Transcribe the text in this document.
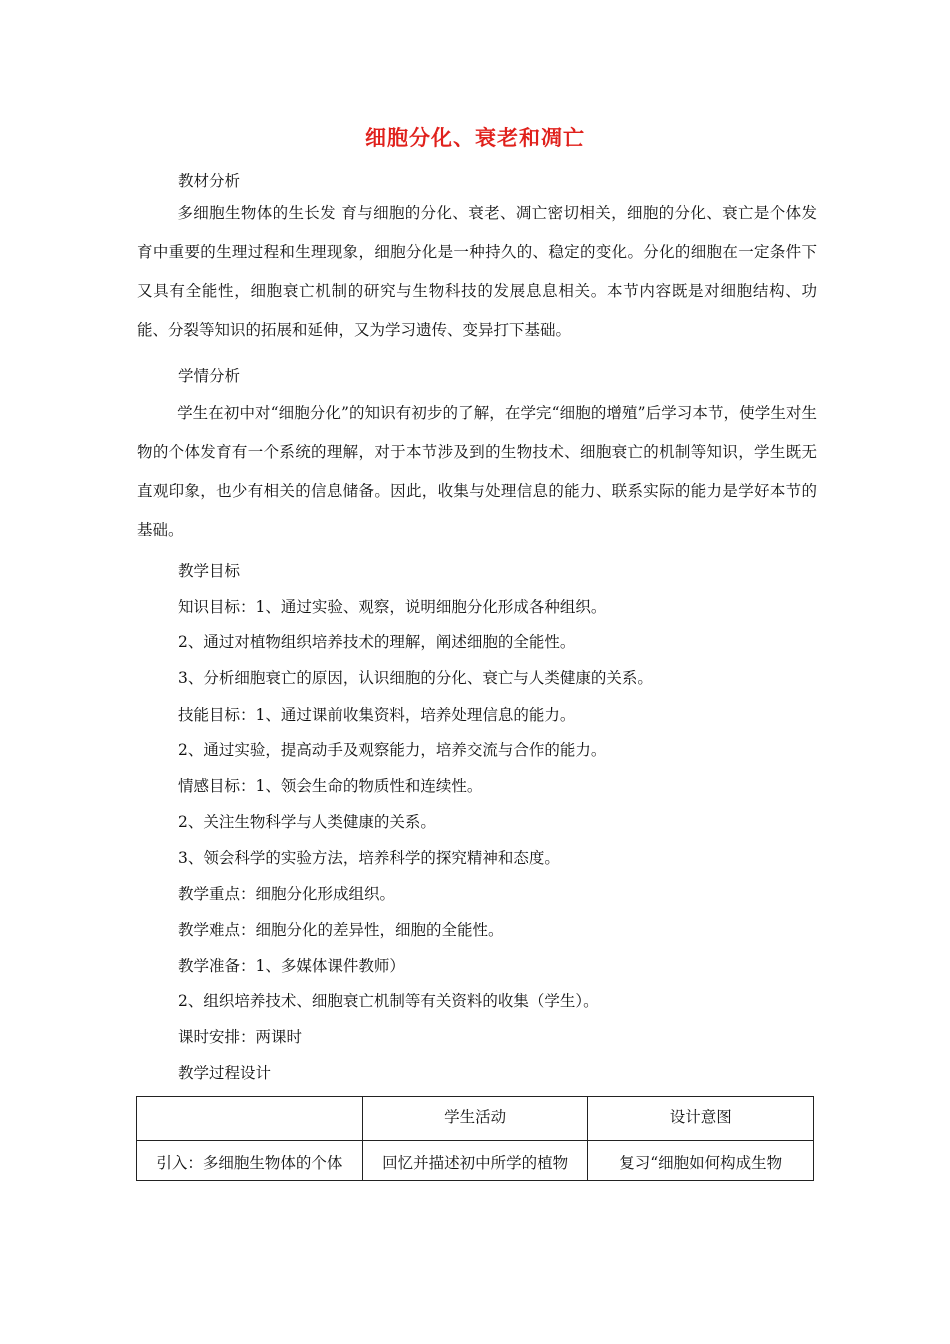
细胞分化、衰老和凋亡
教材分析
多细胞生物体的生长发 育与细胞的分化、衰老、凋亡密切相关，细胞的分化、衰亡是个体发育中重要的生理过程和生理现象，细胞分化是一种持久的、稳定的变化。分化的细胞在一定条件下又具有全能性，细胞衰亡机制的研究与生物科技的发展息息相关。本节内容既是对细胞结构、功能、分裂等知识的拓展和延伸，又为学习遗传、变异打下基础。
学情分析
学生在初中对“细胞分化”的知识有初步的了解，在学完“细胞的增殖”后学习本节，使学生对生物的个体发育有一个系统的理解，对于本节涉及到的生物技术、细胞衰亡的机制等知识，学生既无直观印象，也少有相关的信息储备。因此，收集与处理信息的能力、联系实际的能力是学好本节的基础。
教学目标
知识目标：1、通过实验、观察，说明细胞分化形成各种组织。
2、通过对植物组织培养技术的理解，阐述细胞的全能性。
3、分析细胞衰亡的原因，认识细胞的分化、衰亡与人类健康的关系。
技能目标：1、通过课前收集资料，培养处理信息的能力。
2、通过实验，提高动手及观察能力，培养交流与合作的能力。
情感目标：1、领会生命的物质性和连续性。
2、关注生物科学与人类健康的关系。
3、领会科学的实验方法，培养科学的探究精神和态度。
教学重点：细胞分化形成组织。
教学难点：细胞分化的差异性，细胞的全能性。
教学准备：1、多媒体课件教师）
2、组织培养技术、细胞衰亡机制等有关资料的收集（学生）。
课时安排：两课时
教学过程设计
	学生活动	设计意图
引入：多细胞生物体的个体	回忆并描述初中所学的植物	复习“细胞如何构成生物
